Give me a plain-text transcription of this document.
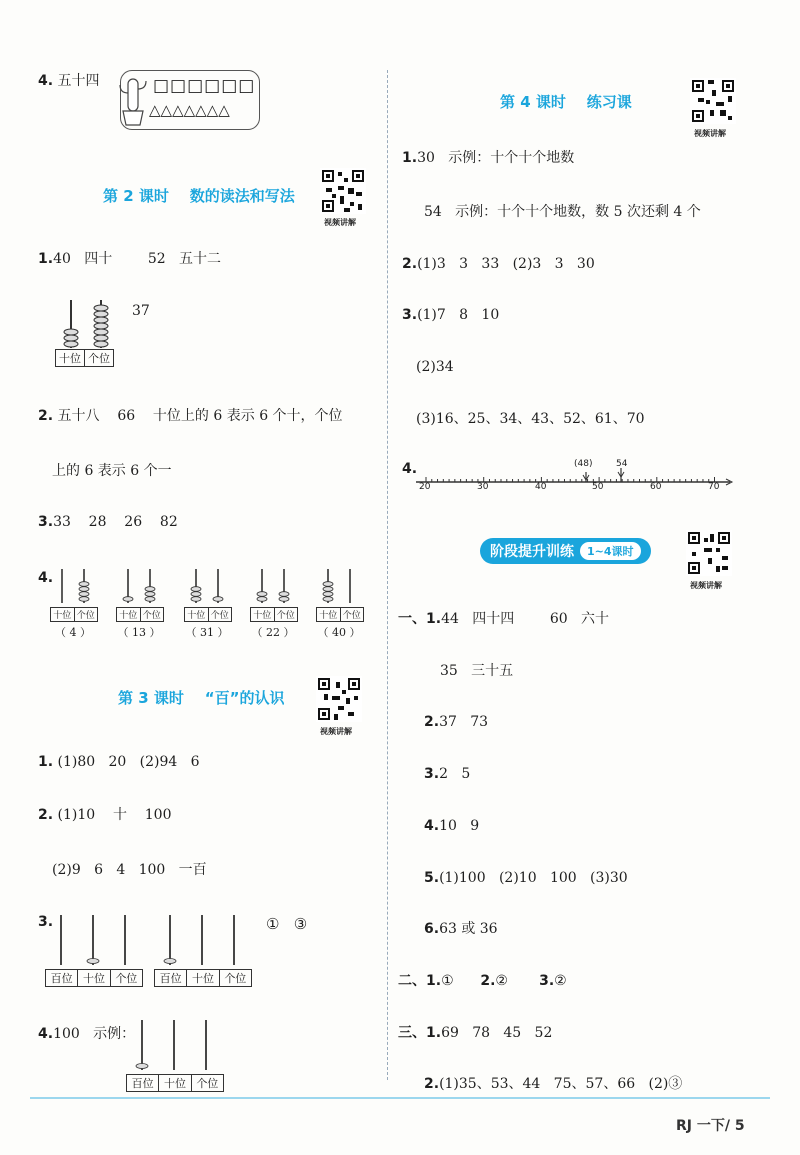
4. 五十四	□□□□□□
△△△△△△△
第 2 课时    数的读法和写法
视频讲解
1.40   四十        52   五十二
十位 个位
37
2. 五十八    66    十位上的 6 表示 6 个十，个位
上的 6 表示 6 个一
3.33    28    26    82
4.
十位 个位
（ 4 ）
十位 个位
（ 13 ）
十位 个位
（ 31 ）
十位 个位
（ 22 ）
十位 个位
（ 40 ）
第 3 课时    “百”的认识
视频讲解
1. (1)80   20   (2)94   6
2. (1)10    十    100
(2)9   6   4   100   一百
3.
百位 十位 个位	百位 十位 个位
①   ③
4.100   示例：
百位 十位 个位
第 4 课时    练习课
视频讲解
1.30   示例：十个十个地数
54   示例：十个十个地数，数 5 次还剩 4 个
2.(1)3   3   33   (2)3   3   30
3.(1)7   8   10
(2)34
(3)16、25、34、43、52、61、70
4.	(48)	54
20	30	40	50	60	70
阶段提升训练	1~4课时
视频讲解
一、1.44   四十四        60   六十
35   三十五
2.37   73
3.2   5
4.10   9
5.(1)100   (2)10   100   (3)30
6.63 或 36
二、1.① 2.② 3.②
三、1.69   78   45   52
2.(1)35、53、44   75、57、66   (2)③
RJ 一下/ 5
